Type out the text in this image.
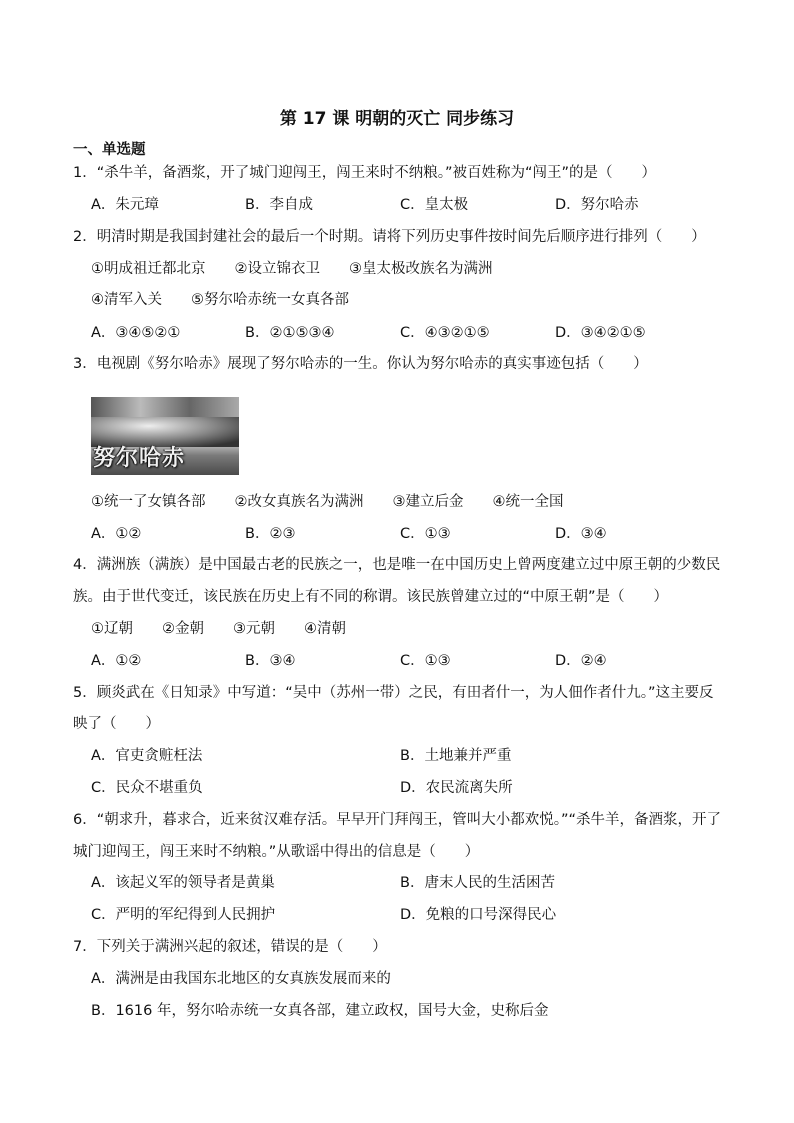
第 17 课 明朝的灭亡 同步练习
一、单选题
1．“杀牛羊，备酒浆，开了城门迎闯王，闯王来时不纳粮。”被百姓称为“闯王”的是（　　）
A．朱元璋	B．李自成	C．皇太极	D．努尔哈赤
2．明清时期是我国封建社会的最后一个时期。请将下列历史事件按时间先后顺序进行排列（　　）
①明成祖迁都北京　　②设立锦衣卫　　③皇太极改族名为满洲
④清军入关　　⑤努尔哈赤统一女真各部
A．③④⑤②①	B．②①⑤③④	C．④③②①⑤	D．③④②①⑤
3．电视剧《努尔哈赤》展现了努尔哈赤的一生。你认为努尔哈赤的真实事迹包括（　　）
努尔哈赤
①统一了女镇各部　　②改女真族名为满洲　　③建立后金　　④统一全国
A．①②	B．②③	C．①③	D．③④
4．满洲族（满族）是中国最古老的民族之一，也是唯一在中国历史上曾两度建立过中原王朝的少数民
族。由于世代变迁，该民族在历史上有不同的称谓。该民族曾建立过的“中原王朝”是（　　）
①辽朝　　②金朝　　③元朝　　④清朝
A．①②	B．③④	C．①③	D．②④
5．顾炎武在《日知录》中写道：“吴中（苏州一带）之民，有田者什一，为人佃作者什九。”这主要反
映了（　　）
A．官吏贪赃枉法	B．土地兼并严重
C．民众不堪重负	D．农民流离失所
6．“朝求升，暮求合，近来贫汉难存活。早早开门拜闯王，管叫大小都欢悦。”“杀牛羊，备酒浆，开了
城门迎闯王，闯王来时不纳粮。”从歌谣中得出的信息是（　　）
A．该起义军的领导者是黄巢	B．唐末人民的生活困苦
C．严明的军纪得到人民拥护	D．免粮的口号深得民心
7．下列关于满洲兴起的叙述，错误的是（　　）
A．满洲是由我国东北地区的女真族发展而来的
B．1616 年，努尔哈赤统一女真各部，建立政权，国号大金，史称后金
